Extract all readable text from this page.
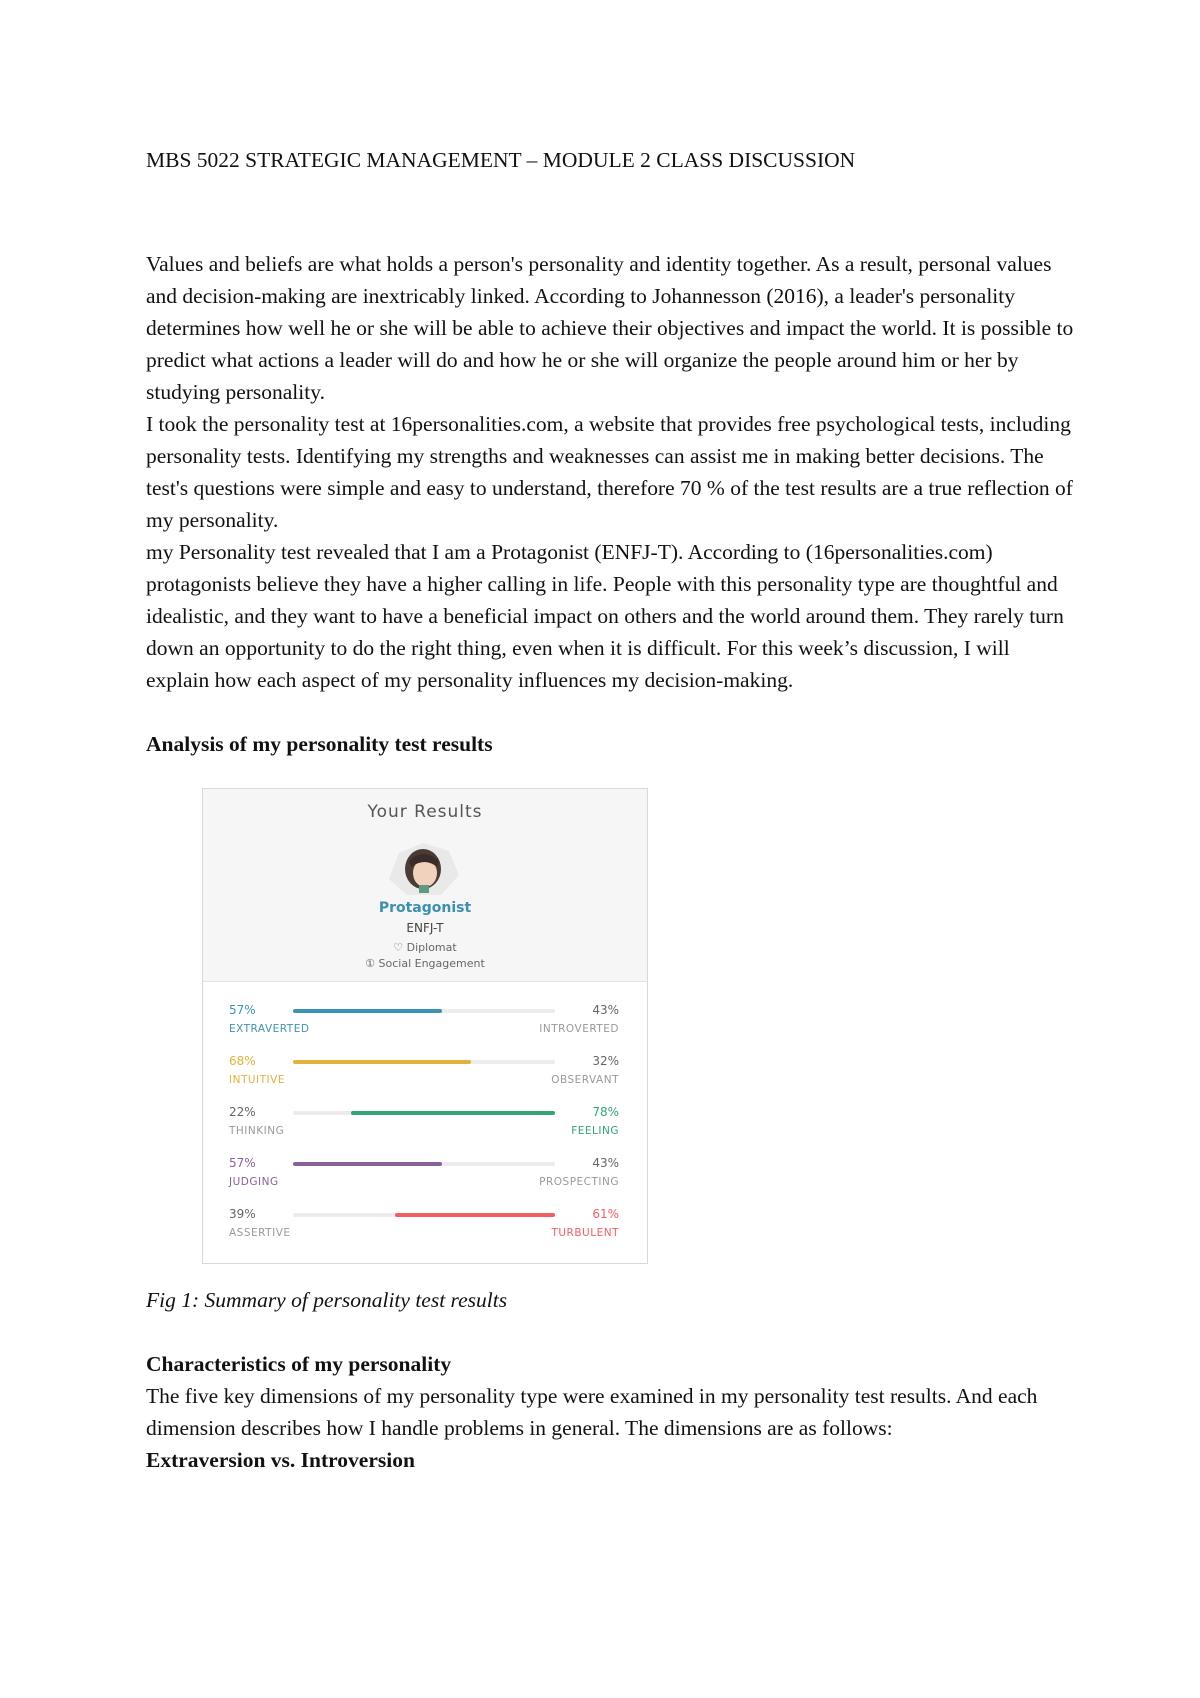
MBS 5022 STRATEGIC MANAGEMENT – MODULE 2 CLASS DISCUSSION

Values and beliefs are what holds a person's personality and identity together. As a result, personal values and decision-making are inextricably linked. According to Johannesson (2016), a leader's personality determines how well he or she will be able to achieve their objectives and impact the world. It is possible to predict what actions a leader will do and how he or she will organize the people around him or her by studying personality.

I took the personality test at 16personalities.com, a website that provides free psychological tests, including personality tests. Identifying my strengths and weaknesses can assist me in making better decisions. The test's questions were simple and easy to understand, therefore 70 % of the test results are a true reflection of my personality.

my Personality test revealed that I am a Protagonist (ENFJ-T). According to (16personalities.com) protagonists believe they have a higher calling in life. People with this personality type are thoughtful and idealistic, and they want to have a beneficial impact on others and the world around them. They rarely turn down an opportunity to do the right thing, even when it is difficult. For this week’s discussion, I will explain how each aspect of my personality influences my decision-making.

Analysis of my personality test results

Your Results
Protagonist
ENFJ-T
♡ Diplomat
① Social Engagement
57%	43%
EXTRAVERTED	INTROVERTED
68%	32%
INTUITIVE	OBSERVANT
22%	78%
THINKING	FEELING
57%	43%
JUDGING	PROSPECTING
39%	61%
ASSERTIVE	TURBULENT

Fig 1: Summary of personality test results

Characteristics of my personality

The five key dimensions of my personality type were examined in my personality test results. And each dimension describes how I handle problems in general. The dimensions are as follows:

Extraversion vs. Introversion
